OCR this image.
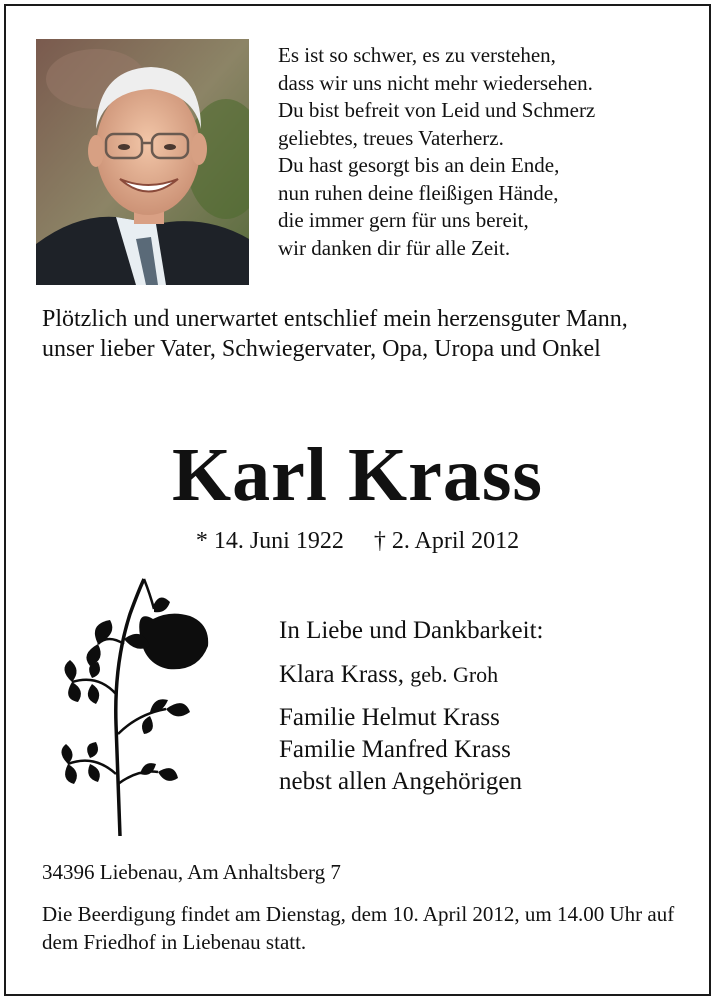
Es ist so schwer, es zu verstehen,
dass wir uns nicht mehr wiedersehen.
Du bist befreit von Leid und Schmerz
geliebtes, treues Vaterherz.
Du hast gesorgt bis an dein Ende,
nun ruhen deine fleißigen Hände,
die immer gern für uns bereit,
wir danken dir für alle Zeit.
Plötzlich und unerwartet entschlief mein herzensguter Mann, unser lieber Vater, Schwiegervater, Opa, Uropa und Onkel
Karl Krass
* 14. Juni 1922 † 2. April 2012
In Liebe und Dankbarkeit:
Klara Krass, geb. Groh
Familie Helmut Krass
Familie Manfred Krass
nebst allen Angehörigen
34396 Liebenau, Am Anhaltsberg 7
Die Beerdigung findet am Dienstag, dem 10. April 2012, um 14.00 Uhr auf dem Friedhof in Liebenau statt.
